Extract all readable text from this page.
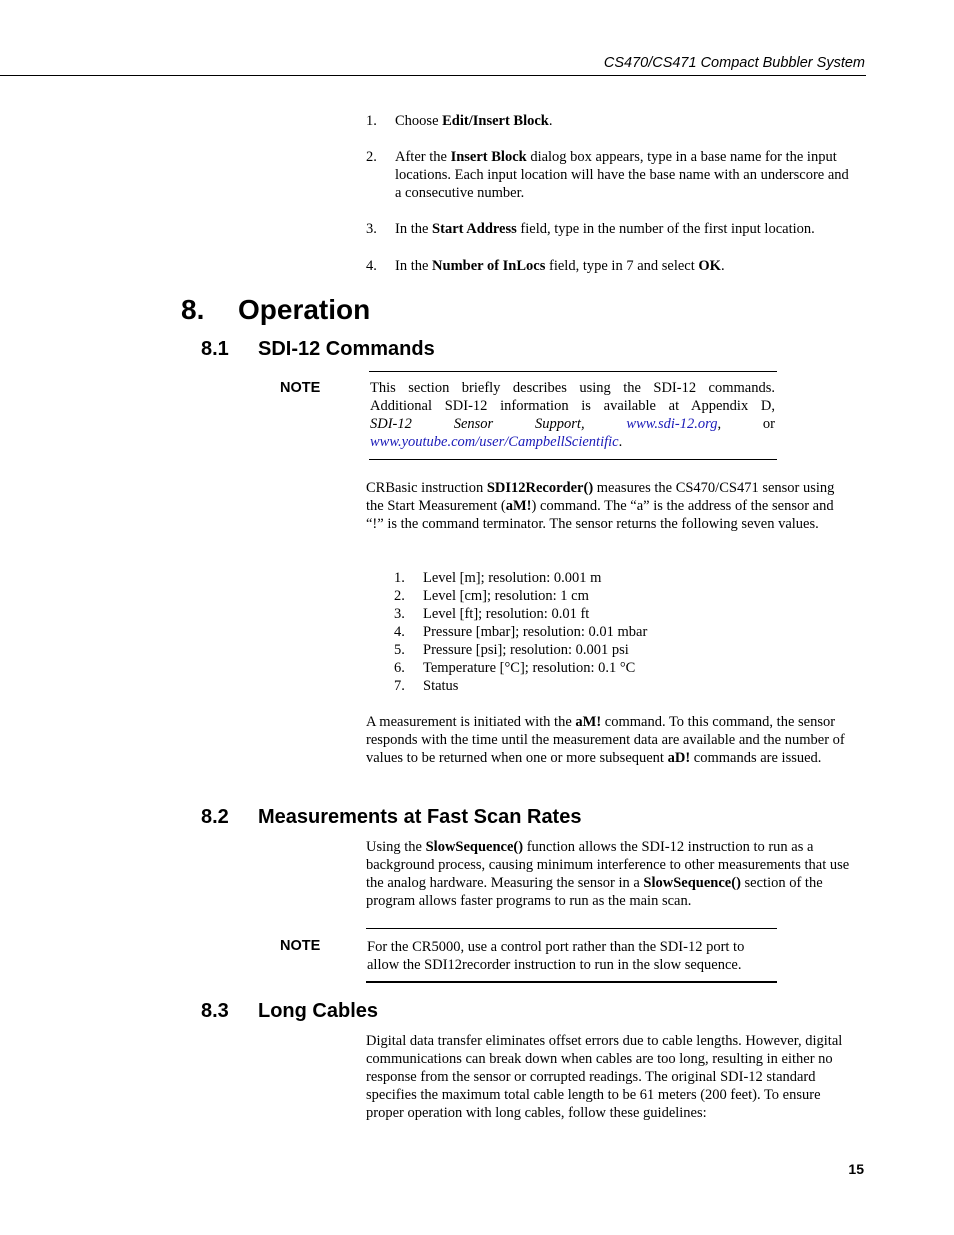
CS470/CS471 Compact Bubbler System
1.	Choose Edit/Insert Block.
2.	After the Insert Block dialog box appears, type in a base name for the input locations. Each input location will have the base name with an underscore and a consecutive number.
3.	In the Start Address field, type in the number of the first input location.
4.	In the Number of InLocs field, type in 7 and select OK.
8. Operation
8.1 SDI-12 Commands
NOTE	This section briefly describes using the SDI-12 commands.
Additional SDI-12 information is available at Appendix D,
SDI-12	Sensor	Support,	www.sdi-12.org,	or
www.youtube.com/user/CampbellScientific.
CRBasic instruction SDI12Recorder() measures the CS470/CS471 sensor using the Start Measurement (aM!) command. The “a” is the address of the sensor and “!” is the command terminator. The sensor returns the following seven values.
1.	Level [m]; resolution: 0.001 m
2.	Level [cm]; resolution: 1 cm
3.	Level [ft]; resolution: 0.01 ft
4.	Pressure [mbar]; resolution: 0.01 mbar
5.	Pressure [psi]; resolution: 0.001 psi
6.	Temperature [°C]; resolution: 0.1 °C
7.	Status
A measurement is initiated with the aM! command. To this command, the sensor responds with the time until the measurement data are available and the number of values to be returned when one or more subsequent aD! commands are issued.
8.2 Measurements at Fast Scan Rates
Using the SlowSequence() function allows the SDI-12 instruction to run as a background process, causing minimum interference to other measurements that use the analog hardware. Measuring the sensor in a SlowSequence() section of the program allows faster programs to run as the main scan.
NOTE	For the CR5000, use a control port rather than the SDI-12 port to allow the SDI12recorder instruction to run in the slow sequence.
8.3 Long Cables
Digital data transfer eliminates offset errors due to cable lengths. However, digital communications can break down when cables are too long, resulting in either no response from the sensor or corrupted readings. The original SDI-12 standard specifies the maximum total cable length to be 61 meters (200 feet). To ensure proper operation with long cables, follow these guidelines:
15
